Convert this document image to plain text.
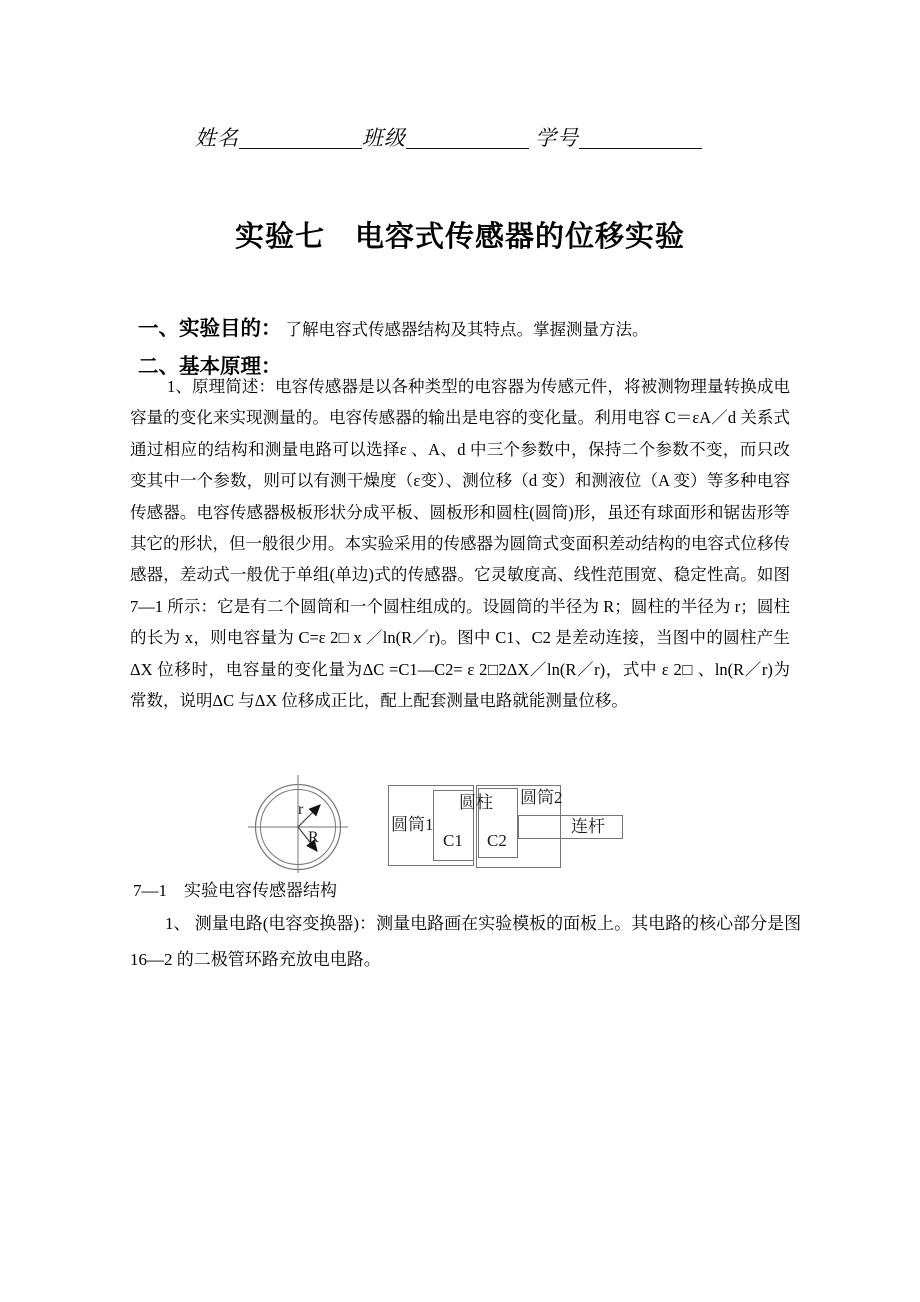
姓名	班级	学号
实验七　电容式传感器的位移实验
一、实验目的： 了解电容式传感器结构及其特点。掌握测量方法。
二、基本原理：
1、原理简述：电容传感器是以各种类型的电容器为传感元件，将被测物理量转换成电
容量的变化来实现测量的。电容传感器的输出是电容的变化量。利用电容 C＝εA／d 关系式
通过相应的结构和测量电路可以选择ε 、A、d 中三个参数中，保持二个参数不变，而只改
变其中一个参数，则可以有测干燥度（ε变）、测位移（d 变）和测液位（A 变）等多种电容
传感器。电容传感器极板形状分成平板、圆板形和圆柱(圆筒)形，虽还有球面形和锯齿形等
其它的形状，但一般很少用。本实验采用的传感器为圆筒式变面积差动结构的电容式位移传
感器，差动式一般优于单组(单边)式的传感器。它灵敏度高、线性范围宽、稳定性高。如图
7—1 所示：它是有二个圆筒和一个圆柱组成的。设圆筒的半径为 R；圆柱的半径为 r；圆柱
的长为 x，则电容量为 C=ε 2□ x ／ln(R／r)。图中 C1、C2 是差动连接，当图中的圆柱产生
ΔX 位移时，电容量的变化量为ΔC =C1—C2= ε 2□2ΔX／ln(R／r)，式中 ε 2□ 、ln(R／r)为
常数，说明ΔC 与ΔX 位移成正比，配上配套测量电路就能测量位移。
r
R
圆筒1
圆柱
C1 C2
圆筒2
连杆
7—1　实验电容传感器结构
1、 测量电路(电容变换器)：测量电路画在实验模板的面板上。其电路的核心部分是图
16—2 的二极管环路充放电电路。
